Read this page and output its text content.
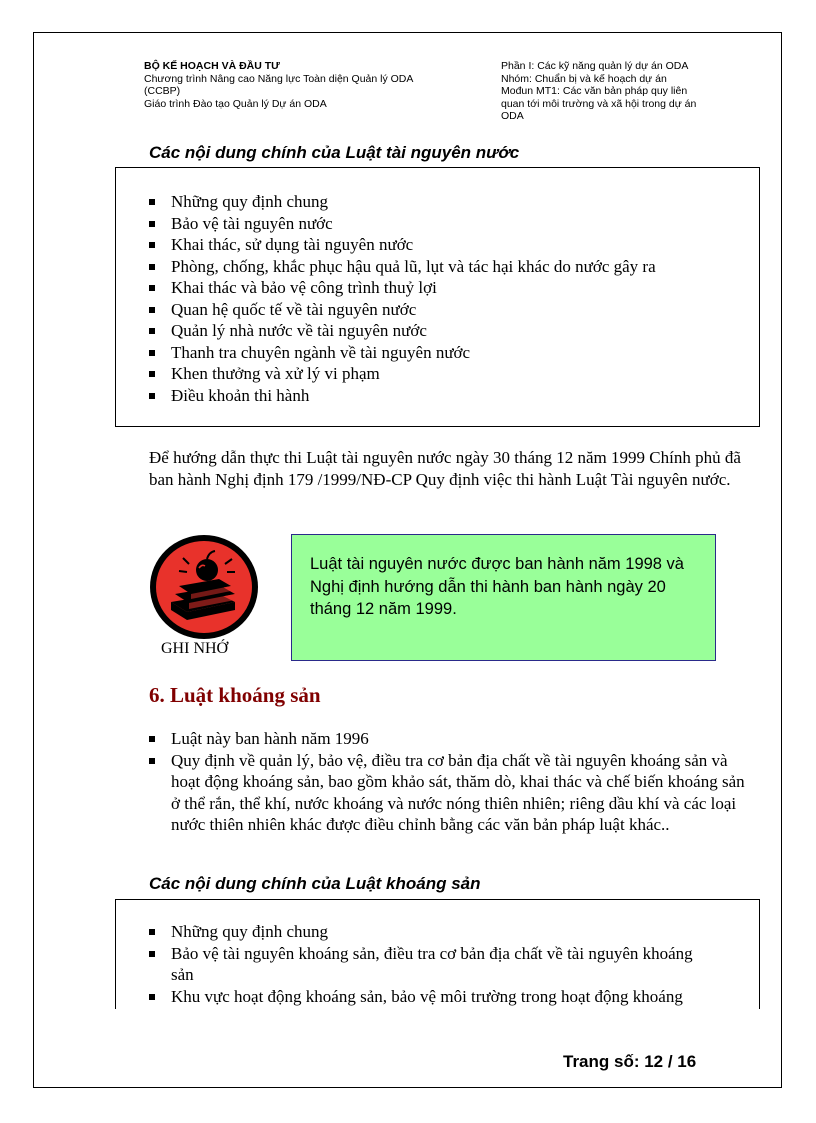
BỘ KẾ HOẠCH VÀ ĐẦU TƯ
Chương trình Nâng cao Năng lực Toàn diện Quản lý ODA
(CCBP)
Giáo trình Đào tạo Quản lý Dự án ODA
Phần I: Các kỹ năng quản lý dự án ODA
Nhóm: Chuẩn bị và kế hoạch dự án
Mođun MT1: Các văn bản pháp quy liên
quan tới môi trường và xã hội trong dự án
ODA
Các nội dung chính của Luật tài nguyên nước
Những quy định chung
Bảo vệ tài nguyên nước
Khai thác, sử dụng tài nguyên nước
Phòng, chống, khắc phục hậu quả lũ, lụt và tác hại khác do nước gây ra
Khai thác và bảo vệ công trình thuỷ lợi
Quan hệ quốc tế về tài nguyên nước
Quản lý nhà nước về tài nguyên nước
Thanh tra chuyên ngành về tài nguyên nước
Khen thưởng và xử lý vi phạm
Điều khoản thi hành
Để hướng dẫn thực thi Luật tài nguyên nước ngày 30 tháng 12 năm 1999 Chính phủ đã ban hành Nghị định 179 /1999/NĐ-CP Quy định việc thi hành Luật Tài nguyên nước.
GHI NHỚ
Luật tài nguyên nước được ban hành năm 1998 và Nghị định hướng dẫn thi hành ban hành ngày 20 tháng 12 năm 1999.
6. Luật khoáng sản
Luật này ban hành năm 1996
Quy định về quản lý, bảo vệ, điều tra cơ bản địa chất về tài nguyên khoáng sản và hoạt động khoáng sản, bao gồm khảo sát, thăm dò, khai thác và chế biến khoáng sản ở thể rắn, thể khí, nước khoáng và nước nóng thiên nhiên; riêng dầu khí và các loại nước thiên nhiên khác được điều chỉnh bằng các văn bản pháp luật khác..
Các nội dung chính của Luật khoáng sản
Những quy định chung
Bảo vệ tài nguyên khoáng sản, điều tra cơ bản địa chất về tài nguyên khoáng sản
Khu vực hoạt động khoáng sản, bảo vệ môi trường trong hoạt động khoáng
Trang số: 12 / 16
